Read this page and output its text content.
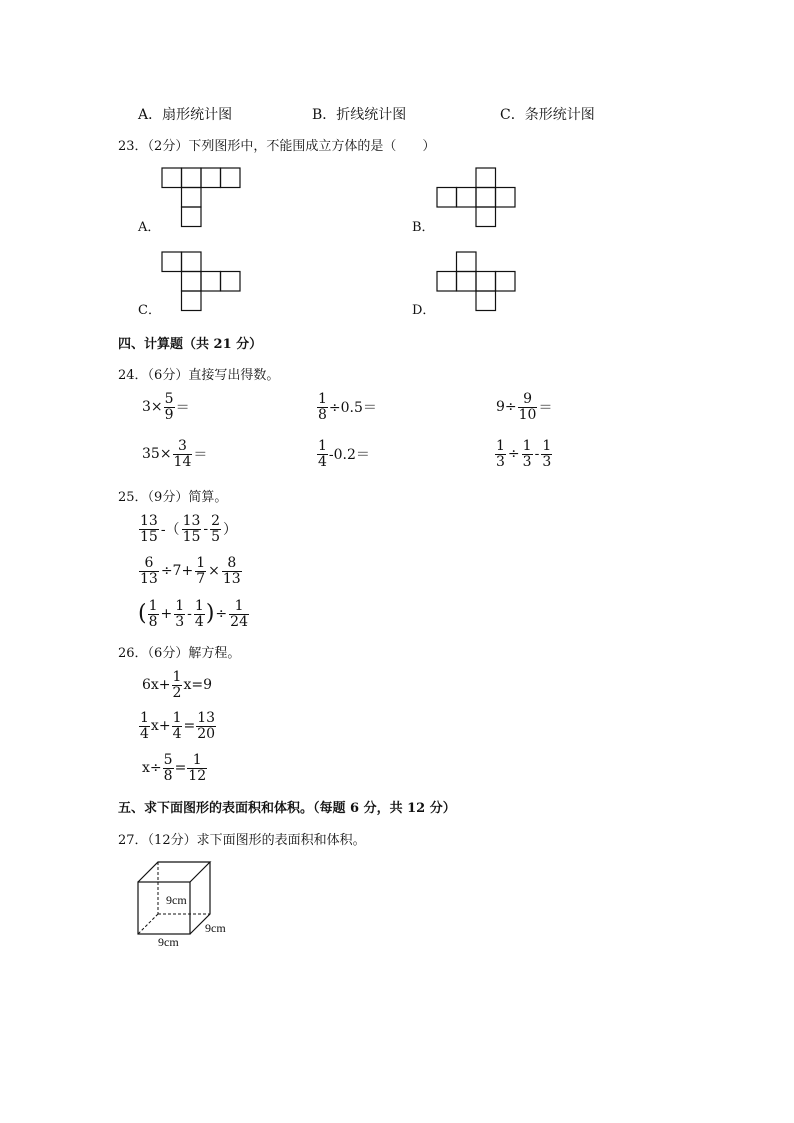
A．扇形统计图	B．折线统计图	C．条形统计图
23．（2分）下列图形中，不能围成立方体的是（　　）
A．	B．
C．	D．
四、计算题（共 21 分）
24．（6分）直接写出得数。
$3\times \frac{5}{9}$ ＝	$\frac{1}{8} \div 0.5=$	$9\div \frac{9}{10}$ ＝
$35\times \frac{3}{14}$ ＝	$\frac{1}{4} -0.2=$	$\frac{1}{3} \div \frac{1}{3} - \frac{1}{3}$
25．（9分）简算。
$\frac{13}{15}$ -（ $\frac{13}{15} - \frac{2}{5}$ ）
$\frac{6}{13} \div 7+ \frac{1}{7} \times \frac{8}{13}$
( $\frac{1}{8} + \frac{1}{3} - \frac{1}{4}$ ) ÷ $\frac{1}{24}$
26．（6分）解方程。
$6x+ \frac{1}{2} x=9$
$\frac{1}{4} x+ \frac{1}{4} = \frac{13}{20}$
$x\div \frac{5}{8} = \frac{1}{12}$
五、求下面图形的表面积和体积。（每题 6 分，共 12 分）
27．（12分）求下面图形的表面积和体积。
9cm
9cm
9cm
